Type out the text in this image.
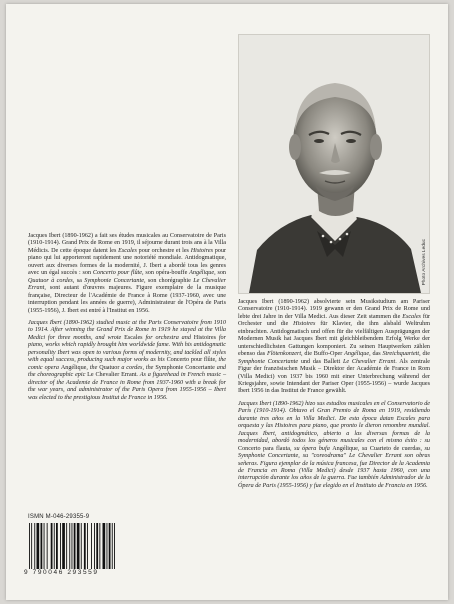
Photo Archives Leduc

Jacques Ibert (1890-1962) a fait ses études musicales au Conservatoire de Paris (1910-1914). Grand Prix de Rome en 1919, il séjourne durant trois ans à la Villa Médicis. De cette époque datent les Escales pour orchestre et les Histoires pour piano qui lui apporteront rapidement une notoriété mondiale. Antidogmatique, ouvert aux diverses formes de la modernité, J. Ibert a abordé tous les genres avec un égal succès : son Concerto pour flûte, son opéra-bouffe Angélique, son Quatuor à cordes, sa Symphonie Concertante, son chorégraphie Le Chevalier Errant, sont autant d'œuvres majeures. Figure exemplaire de la musique française, Directeur de l'Académie de France à Rome (1937-1960, avec une interruption pendant les années de guerre), Administrateur de l'Opéra de Paris (1955-1956), J. Ibert est entré à l'Institut en 1956.

Jacques Ibert (1890-1962) studied music at the Paris Conservatoire from 1910 to 1914. After winning the Grand Prix de Rome in 1919 he stayed at the Villa Medici for three months, and wrote Escales for orchestra and Histoires for piano, works which rapidly brought him worldwide fame. With his antidogmatic personality Ibert was open to various forms of modernity, and tackled all styles with equal success, producing such major works as his Concerto pour flûte, the comic opera Angélique, the Quatuor a cordes, the Symphonie Concertante and the choreographic epic Le Chevalier Errant. As a figurehead in French music – director of the Academie de France in Rome from 1937-1960 with a break for the war years, and administrator of the Paris Opera from 1955-1956 – Ibert was elected to the prestigious Institut de France in 1956.

Jacques Ibert (1890-1962) absolvierte sein Musikstudium am Pariser Conservatoire (1910-1914). 1919 gewann er den Grand Prix de Rome und lebte drei Jahre in der Villa Medici. Aus dieser Zeit stammen die Escales für Orchester und die Histoires für Klavier, die ihm alsbald Weltruhm einbrachten. Antidogmatisch und offen für die vielfältigen Ausprägungen der Modernen Musik hat Jacques Ibert mit gleichbleibendem Erfolg Werke der unterschiedlichsten Gattungen komponiert. Zu seinen Hauptwerken zählen ebenso das Flötenkonzert, die Buffo-Oper Angélique, das Streichquartett, die Symphonie Concertante und das Ballett Le Chevalier Errant. Als zentrale Figur der französischen Musik – Direktor der Académie de France in Rom (Villa Medici) von 1937 bis 1960 mit einer Unterbrechung während der Kriegsjahre, sowie Intendant der Pariser Oper (1955-1956) – wurde Jacques Ibert 1956 in das Institut de France gewählt.

Jacques Ibert (1890-1962) hizo sus estudios musicales en el Conservatorio de París (1910-1914). Obtuvo el Gran Premio de Roma en 1919, residiendo durante tres años en la Villa Medici. De esta época datan Escales para orquesta y las Histoires para piano, que pronto le dieron renombre mundial. Jacques Ibert, antidogmático, abierto a las diversas formas de la modernidad, abordó todos los géneros musicales con el mismo éxito : su Concerto para flauta, su ópera bufa Angélique, su Cuarteto de cuerdas, su Symphonie Concertante, su "coreodrama" Le Chevalier Errant son obras señeras. Figura ejemplar de la música francesa, fue Director de la Academia de Francia en Roma (Villa Medici) desde 1937 hasta 1960, con una interrupción durante los años de la guerra. Fue también Administrador de la Ópera de Paris (1955-1956) y fue elegido en el Instituto de Francia en 1956.

ISMN M-046-29355-9
9 790046 293559
